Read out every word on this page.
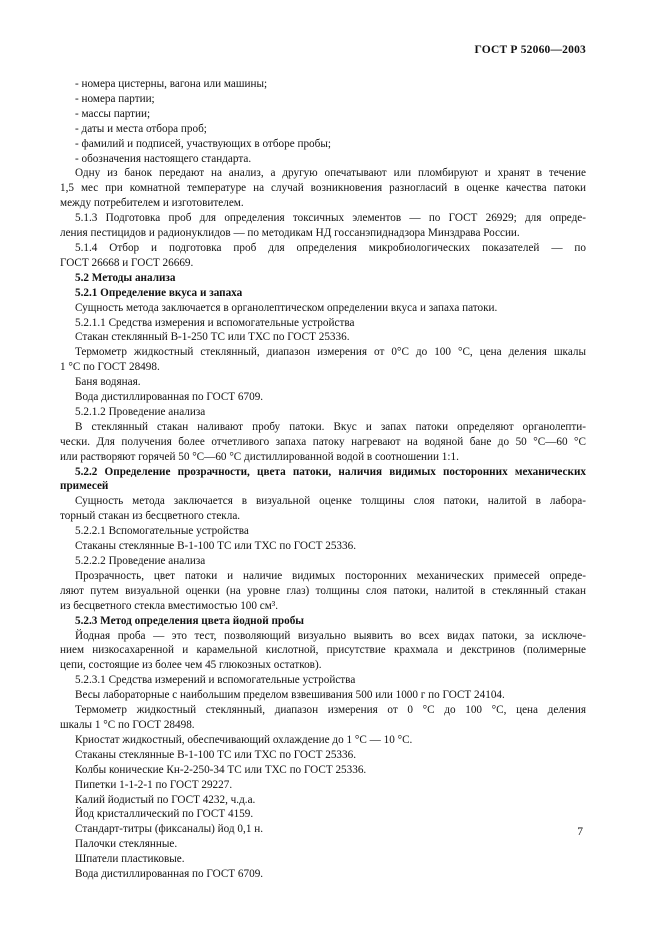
ГОСТ Р 52060—2003
- номера цистерны, вагона или машины;
- номера партии;
- массы партии;
- даты и места отбора проб;
- фамилий и подписей, участвующих в отборе пробы;
- обозначения настоящего стандарта.
Одну из банок передают на анализ, а другую опечатывают или пломбируют и хранят в течение
1,5 мес при комнатной температуре на случай возникновения разногласий в оценке качества патоки
между потребителем и изготовителем.
5.1.3 Подготовка проб для определения токсичных элементов — по ГОСТ 26929; для опреде-
ления пестицидов и радионуклидов — по методикам НД госсанэпиднадзора Минздрава России.
5.1.4 Отбор и подготовка проб для определения микробиологических показателей — по
ГОСТ 26668 и ГОСТ 26669.
5.2 Методы анализа
5.2.1 Определение вкуса и запаха
Сущность метода заключается в органолептическом определении вкуса и запаха патоки.
5.2.1.1 Средства измерения и вспомогательные устройства
Стакан стеклянный В-1-250 ТС или ТХС по ГОСТ 25336.
Термометр жидкостный стеклянный, диапазон измерения от 0°С до 100 °С, цена деления шкалы
1 °С по ГОСТ 28498.
Баня водяная.
Вода дистиллированная по ГОСТ 6709.
5.2.1.2 Проведение анализа
В стеклянный стакан наливают пробу патоки. Вкус и запах патоки определяют органолепти-
чески. Для получения более отчетливого запаха патоку нагревают на водяной бане до 50 °С—60 °С
или растворяют горячей 50 °С—60 °С дистиллированной водой в соотношении 1:1.
5.2.2 Определение прозрачности, цвета патоки, наличия видимых посторонних механических
примесей
Сущность метода заключается в визуальной оценке толщины слоя патоки, налитой в лабора-
торный стакан из бесцветного стекла.
5.2.2.1 Вспомогательные устройства
Стаканы стеклянные В-1-100 ТС или ТХС по ГОСТ 25336.
5.2.2.2 Проведение анализа
Прозрачность, цвет патоки и наличие видимых посторонних механических примесей опреде-
ляют путем визуальной оценки (на уровне глаз) толщины слоя патоки, налитой в стеклянный стакан
из бесцветного стекла вместимостью 100 см³.
5.2.3 Метод определения цвета йодной пробы
Йодная проба — это тест, позволяющий визуально выявить во всех видах патоки, за исключе-
нием низкосахаренной и карамельной кислотной, присутствие крахмала и декстринов (полимерные
цепи, состоящие из более чем 45 глюкозных остатков).
5.2.3.1 Средства измерений и вспомогательные устройства
Весы лабораторные с наибольшим пределом взвешивания 500 или 1000 г по ГОСТ 24104.
Термометр жидкостный стеклянный, диапазон измерения от 0 °С до 100 °С, цена деления
шкалы 1 °С по ГОСТ 28498.
Криостат жидкостный, обеспечивающий охлаждение до 1 °С — 10 °С.
Стаканы стеклянные В-1-100 ТС или ТХС по ГОСТ 25336.
Колбы конические Кн-2-250-34 ТС или ТХС по ГОСТ 25336.
Пипетки 1-1-2-1 по ГОСТ 29227.
Калий йодистый по ГОСТ 4232, ч.д.а.
Йод кристаллический по ГОСТ 4159.
Стандарт-титры (фиксаналы) йод 0,1 н.
Палочки стеклянные.
Шпатели пластиковые.
Вода дистиллированная по ГОСТ 6709.
7
